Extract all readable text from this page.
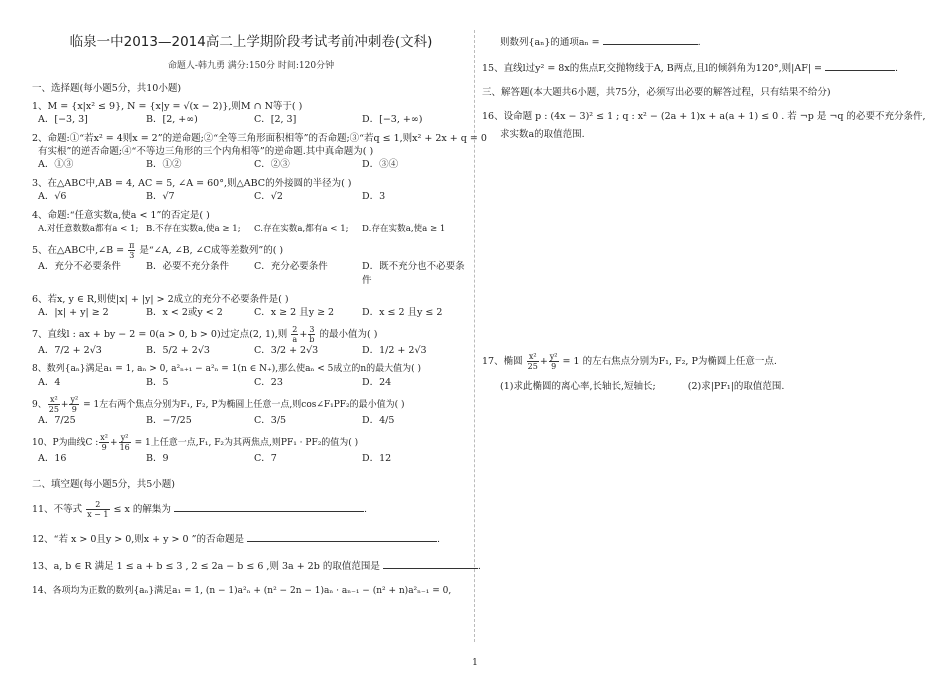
临泉一中2013—2014高二上学期阶段考试考前冲刺卷(文科)
命题人-韩九勇 满分:150分 时间:120分钟
一、选择题(每小题5分，共10小题)
1、M = {x|x² ≤ 9}, N = {x|y = √(x − 2)},则M ∩ N等于( )
A．[−3, 3]	B．[2, +∞)	C．[2, 3]	D．[−3, +∞)
2、命题:①“若x² = 4则x = 2”的逆命题;②“全等三角形面积相等”的否命题;③“若q ≤ 1,则x² + 2x + q = 0
有实根”的逆否命题;④“不等边三角形的三个内角相等”的逆命题.其中真命题为( )
A．①③	B．①②	C．②③	D．③④
3、在△ABC中,AB = 4, AC = 5, ∠A = 60°,则△ABC的外接圆的半径为( )
A．√6	B．√7	C．√2	D．3
4、命题:“任意实数a,使a < 1”的否定是( )
A.对任意数数a都有a < 1; B.不存在实数a,使a ≥ 1;	C.存在实数a,都有a < 1;	D.存在实数a,使a ≥ 1
5、在△ABC中,∠B = $\frac{\pi}{3}$ 是“∠A, ∠B, ∠C成等差数列”的( )
A．充分不必要条件	B．必要不充分条件	C．充分必要条件	D．既不充分也不必要条件
6、若x, y ∈ R,则使|x| + |y| > 2成立的充分不必要条件是( )
A．|x| + y| ≥ 2	B．x < 2或y < 2	C．x ≥ 2 且y ≥ 2	D．x ≤ 2 且y ≤ 2
7、直线l : ax + by − 2 = 0(a > 0, b > 0)过定点(2, 1),则 $\frac{2}{a} + \frac{3}{b}$ 的最小值为( )
A．7/2 + 2√3	B．5/2 + 2√3	C．3/2 + 2√3	D．1/2 + 2√3
8、数列{aₙ}满足a₁ = 1, aₙ > 0, a²ₙ₊₁ − a²ₙ = 1(n ∈ N₊),那么使aₙ < 5成立的n的最大值为( )
A．4	B．5	C．23	D．24
9、 $\frac{\text{x²}}{25} + \frac{\text{y²}}{9} = 1$左右两个焦点分别为F₁, F₂, P为椭圆上任意一点,则cos∠F₁PF₂的最小值为( )
A．7/25	B．−7/25	C．3/5	D．4/5
10、P为曲线C : $\frac{\text{x²}}{9} + \frac{\text{y²}}{16} = 1$上任意一点,F₁, F₂为其两焦点,则PF₁ · PF₂的值为( )
A．16	B．9	C．7	D．12
二、填空题(每小题5分，共5小题)
11、不等式 $\frac{2}{x - 1} \le x$ 的解集为	.
12、“若 x > 0且y > 0,则x + y > 0 ”的否命题是	.
13、a, b ∈ R 满足 1 ≤ a + b ≤ 3 , 2 ≤ 2a − b ≤ 6 ,则 3a + 2b 的取值范围是	.
14、各项均为正数的数列{aₙ}满足a₁ = 1, (n − 1)a²ₙ + (n² − 2n − 1)aₙ · aₙ₋₁ − (n² + n)a²ₙ₋₁ = 0,
则数列{aₙ}的通项aₙ =	.
15、直线l过y² = 8x的焦点F,交抛物线于A, B两点,且l的倾斜角为120°,则|AF| =	.
三、解答题(本大题共6小题，共75分，必须写出必要的解答过程，只有结果不给分)
16、设命题 p : (4x − 3)² ≤ 1 ; q : x² − (2a + 1)x + a(a + 1) ≤ 0 . 若 ¬p 是 ¬q 的必要不充分条件,
求实数a的取值范围.
17、椭圆 $\frac{\text{x²}}{25} + \frac{\text{y²}}{9} = 1$ 的左右焦点分别为F₁, F₂, P为椭圆上任意一点.
(1)求此椭圆的离心率,长轴长,短轴长;	(2)求|PF₁|的取值范围.
1
